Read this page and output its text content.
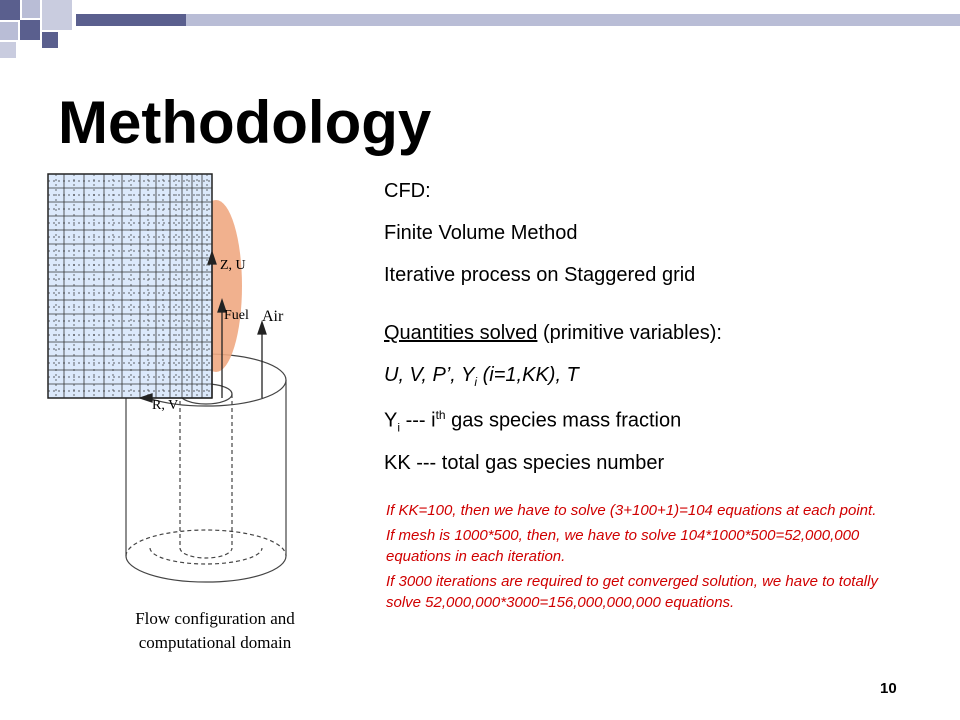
Methodology
Z, U
Fuel Air
R, V
Flow configuration and
computational domain
CFD:
Finite Volume Method
Iterative process on Staggered grid
Quantities solved (primitive variables):
U, V, P’, $Y_i$ (i=1,KK), T
$Y_i$ --- $i^{th}$ gas species mass fraction
KK --- total gas species number

If KK=100, then we have to solve (3+100+1)=104 equations at each point.

If mesh is 1000*500, then, we have to solve 104*1000*500=52,000,000 equations in each iteration.

If 3000 iterations are required to get converged solution, we have to totally solve 52,000,000*3000=156,000,000,000 equations.

10
